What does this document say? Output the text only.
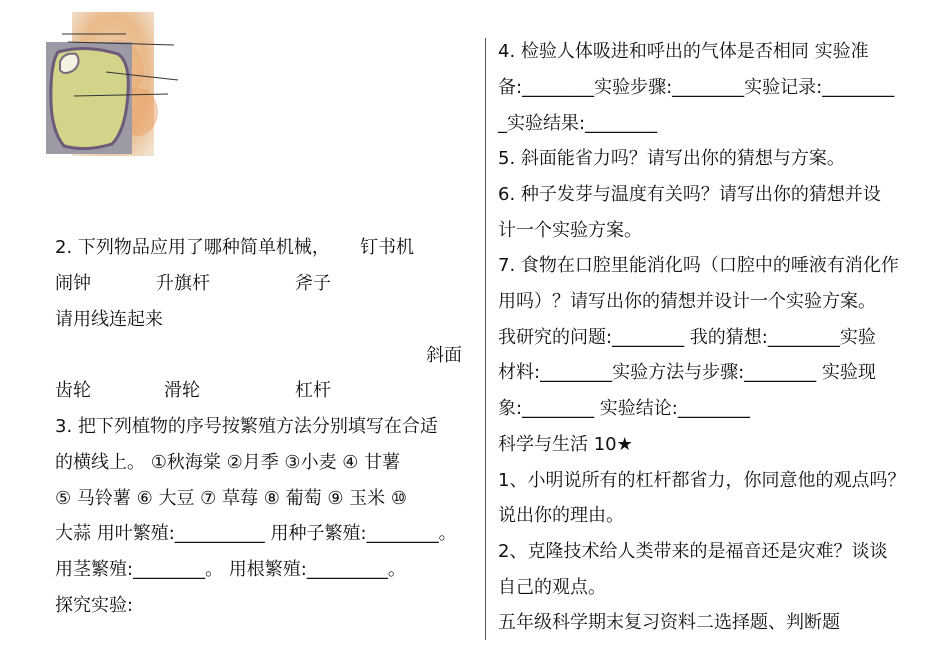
2. 下列物品应用了哪种简单机械， 钉书机
闹钟	升旗杆	斧子
请用线连起来
斜面
齿轮	滑轮	杠杆
3. 把下列植物的序号按繁殖方法分别填写在合适
的横线上。 ①秋海棠 ②月季 ③小麦 ④ 甘薯
⑤ 马铃薯 ⑥ 大豆 ⑦ 草莓 ⑧ 葡萄 ⑨ 玉米 ⑩
大蒜 用叶繁殖:__________ 用种子繁殖:________。
用茎繁殖:________。 用根繁殖:_________。
探究实验:
4. 检验人体吸进和呼出的气体是否相同 实验准
备:________实验步骤:________实验记录:________
_实验结果:________
5. 斜面能省力吗？请写出你的猜想与方案。
6. 种子发芽与温度有关吗？请写出你的猜想并设
计一个实验方案。
7. 食物在口腔里能消化吗（口腔中的唾液有消化作
用吗）？请写出你的猜想并设计一个实验方案。
我研究的问题:________ 我的猜想:________实验
材料:________实验方法与步骤:________ 实验现
象:________ 实验结论:________
科学与生活 10★
1、小明说所有的杠杆都省力，你同意他的观点吗？
说出你的理由。
2、克隆技术给人类带来的是福音还是灾难？谈谈
自己的观点。
五年级科学期末复习资料二选择题、判断题
